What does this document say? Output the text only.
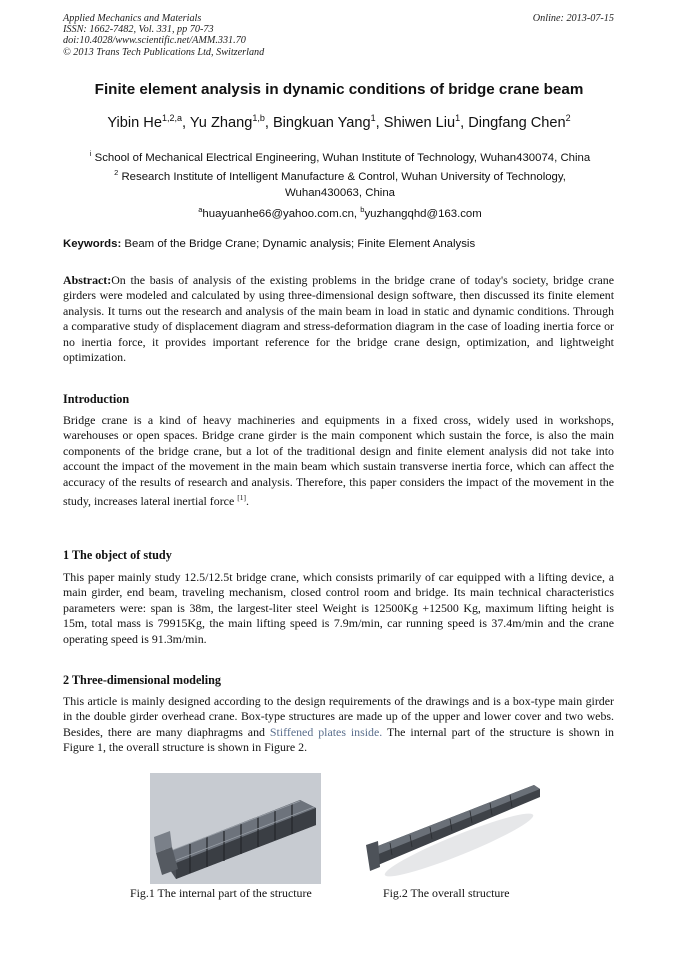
Applied Mechanics and Materials
ISSN: 1662-7482, Vol. 331, pp 70-73
doi:10.4028/www.scientific.net/AMM.331.70
© 2013 Trans Tech Publications Ltd, Switzerland
Online: 2013-07-15
Finite element analysis in dynamic conditions of bridge crane beam
Yibin He$^{1,2,a}$, Yu Zhang$^{1,b}$, Bingkuan Yang$^1$, Shiwen Liu$^1$, Dingfang Chen$^2$
$^i$ School of Mechanical Electrical Engineering, Wuhan Institute of Technology, Wuhan430074, China
$^2$ Research Institute of Intelligent Manufacture & Control, Wuhan University of Technology,
Wuhan430063, China
$^a$huayuanhe66@yahoo.com.cn, $^b$yuzhangqhd@163.com
Keywords: Beam of the Bridge Crane; Dynamic analysis; Finite Element Analysis
Abstract:On the basis of analysis of the existing problems in the bridge crane of today's society, bridge crane girders were modeled and calculated by using three-dimensional design software, then discussed its finite element analysis. It turns out the research and analysis of the main beam in load in static and dynamic conditions. Through a comparative study of displacement diagram and stress-deformation diagram in the case of loading inertia force or no inertia force, it provides important reference for the bridge crane design, optimization, and lightweight optimization.
Introduction
Bridge crane is a kind of heavy machineries and equipments in a fixed cross, widely used in workshops, warehouses or open spaces. Bridge crane girder is the main component which sustain the force, is also the main components of the bridge crane, but a lot of the traditional design and finite element analysis did not take into account the impact of the movement in the main beam which sustain transverse inertia force, which can affect the accuracy of the results of research and analysis. Therefore, this paper considers the impact of the movement in the study, increases lateral inertial force [1].
1 The object of study
This paper mainly study 12.5/12.5t bridge crane, which consists primarily of car equipped with a lifting device, a main girder, end beam, traveling mechanism, closed control room and bridge. Its main technical characteristics parameters were: span is 38m, the largest-liter steel Weight is 12500Kg +12500 Kg, maximum lifting height is 15m, total mass is 79915Kg, the main lifting speed is 7.9m/min, car running speed is 37.4m/min and the crane operating speed is 91.3m/min.
2 Three-dimensional modeling
This article is mainly designed according to the design requirements of the drawings and is a box-type main girder in the double girder overhead crane. Box-type structures are made up of the upper and lower cover and two webs. Besides, there are many diaphragms and Stiffened plates inside. The internal part of the structure is shown in Figure 1, the overall structure is shown in Figure 2.
Fig.1 The internal part of the structure	Fig.2 The overall structure
